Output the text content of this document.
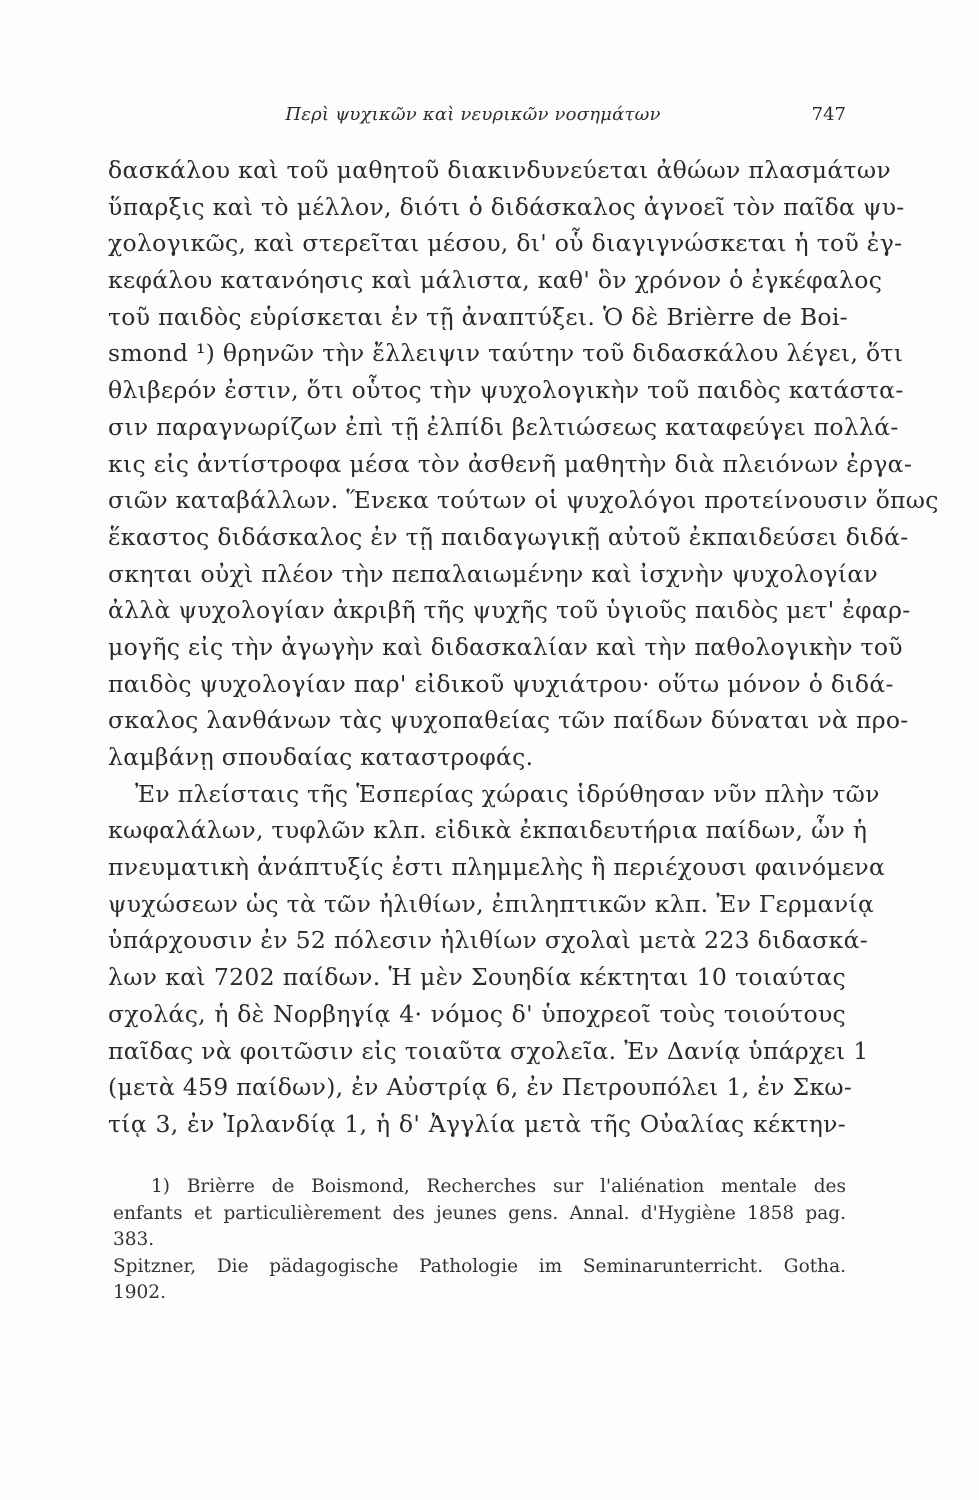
Περὶ ψυχικῶν καὶ νευρικῶν νοσημάτων	747
δασκάλου καὶ τοῦ μαθητοῦ διακινδυνεύεται ἀθώων πλασμάτων
ὕπαρξις καὶ τὸ μέλλον, διότι ὁ διδάσκαλος ἀγνοεῖ τὸν παῖδα ψυ-
χολογικῶς, καὶ στερεῖται μέσου, δι' οὗ διαγιγνώσκεται ἡ τοῦ ἐγ-
κεφάλου κατανόησις καὶ μάλιστα, καθ' ὃν χρόνον ὁ ἐγκέφαλος
τοῦ παιδὸς εὑρίσκεται ἐν τῇ ἀναπτύξει. Ὁ δὲ Brièrre de Boi-
smond ¹) θρηνῶν τὴν ἔλλειψιν ταύτην τοῦ διδασκάλου λέγει, ὅτι
θλιβερόν ἐστιν, ὅτι οὗτος τὴν ψυχολογικὴν τοῦ παιδὸς κατάστα-
σιν παραγνωρίζων ἐπὶ τῇ ἐλπίδι βελτιώσεως καταφεύγει πολλά-
κις εἰς ἀντίστροφα μέσα τὸν ἀσθενῆ μαθητὴν διὰ πλειόνων ἐργα-
σιῶν καταβάλλων. Ἕνεκα τούτων οἱ ψυχολόγοι προτείνουσιν ὅπως
ἕκαστος διδάσκαλος ἐν τῇ παιδαγωγικῇ αὐτοῦ ἐκπαιδεύσει διδά-
σκηται οὐχὶ πλέον τὴν πεπαλαιωμένην καὶ ἰσχνὴν ψυχολογίαν
ἀλλὰ ψυχολογίαν ἀκριβῆ τῆς ψυχῆς τοῦ ὑγιοῦς παιδὸς μετ' ἐφαρ-
μογῆς εἰς τὴν ἀγωγὴν καὶ διδασκαλίαν καὶ τὴν παθολογικὴν τοῦ
παιδὸς ψυχολογίαν παρ' εἰδικοῦ ψυχιάτρου· οὕτω μόνον ὁ διδά-
σκαλος λανθάνων τὰς ψυχοπαθείας τῶν παίδων δύναται νὰ προ-
λαμβάνῃ σπουδαίας καταστροφάς.
Ἐν πλείσταις τῆς Ἑσπερίας χώραις ἱδρύθησαν νῦν πλὴν τῶν
κωφαλάλων, τυφλῶν κλπ. εἰδικὰ ἐκπαιδευτήρια παίδων, ὧν ἡ
πνευματικὴ ἀνάπτυξίς ἐστι πλημμελὴς ἢ περιέχουσι φαινόμενα
ψυχώσεων ὡς τὰ τῶν ἠλιθίων, ἐπιληπτικῶν κλπ. Ἐν Γερμανίᾳ
ὑπάρχουσιν ἐν 52 πόλεσιν ἠλιθίων σχολαὶ μετὰ 223 διδασκά-
λων καὶ 7202 παίδων. Ἡ μὲν Σουηδία κέκτηται 10 τοιαύτας
σχολάς, ἡ δὲ Νορβηγίᾳ 4· νόμος δ' ὑποχρεοῖ τοὺς τοιούτους
παῖδας νὰ φοιτῶσιν εἰς τοιαῦτα σχολεῖα. Ἐν Δανίᾳ ὑπάρχει 1
(μετὰ 459 παίδων), ἐν Αὐστρίᾳ 6, ἐν Πετρουπόλει 1, ἐν Σκω-
τίᾳ 3, ἐν Ἰρλανδίᾳ 1, ἡ δ' Ἀγγλία μετὰ τῆς Οὐαλίας κέκτην-
1) Brièrre de Boismond, Recherches sur l'aliénation mentale des
enfants et particulièrement des jeunes gens. Annal. d'Hygiène 1858 pag.
383.
Spitzner, Die pädagogische Pathologie im Seminarunterricht. Gotha.
1902.
